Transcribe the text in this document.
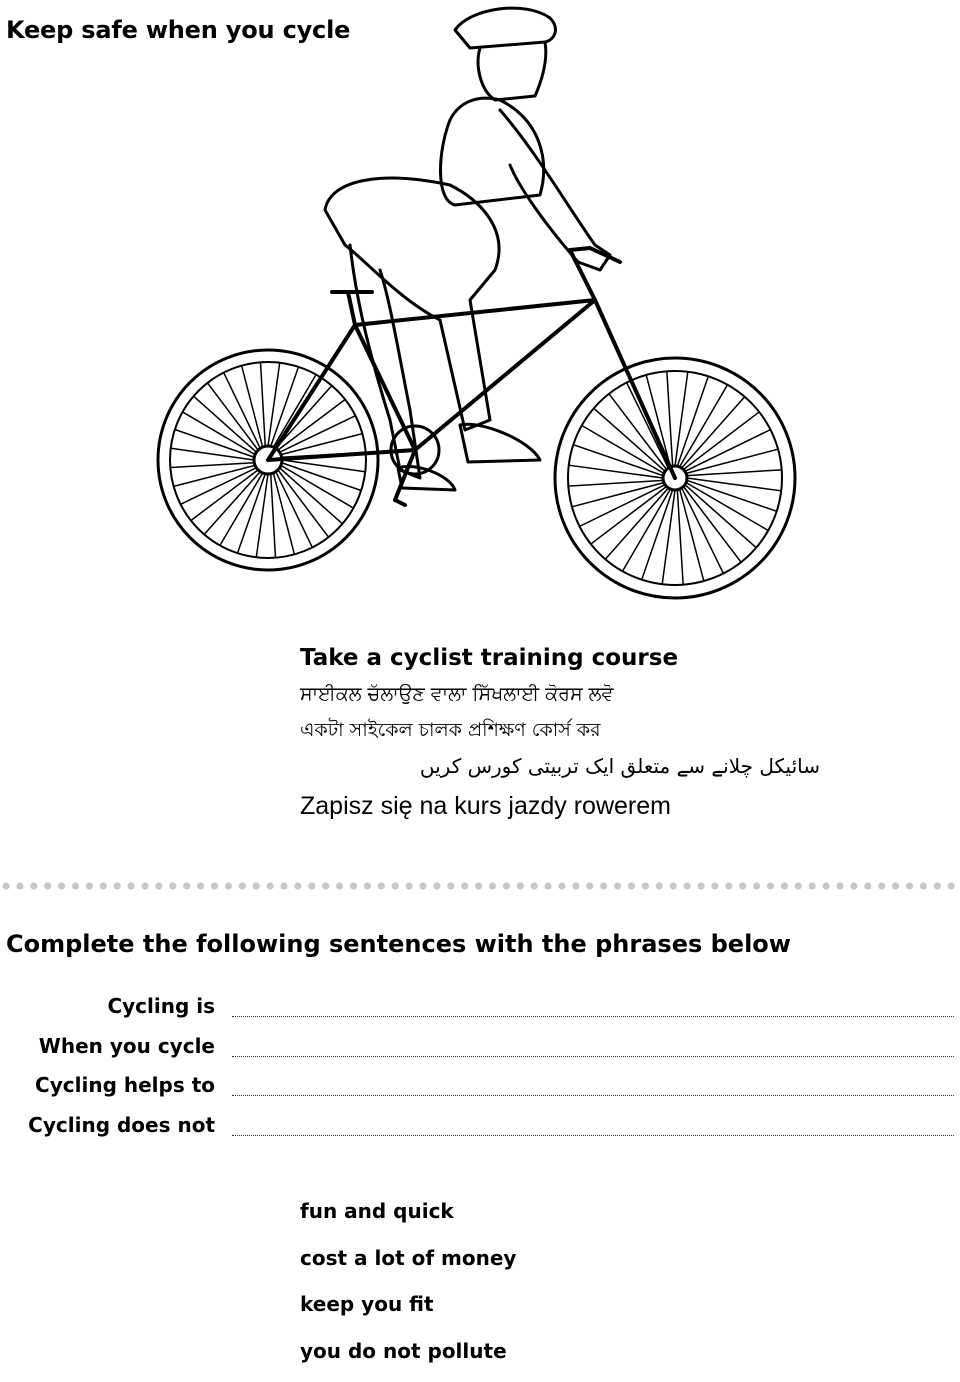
Keep safe when you cycle
Take a cyclist training course
ਸਾਈਕਲ ਚੱਲਾਉਣ ਵਾਲਾ ਸਿੱਖਲਾਈ ਕੋਰਸ ਲਵੋ
একটা সাইকেল চালক প্রশিক্ষণ কোর্স কর
سائیکل چلانے سے متعلق ایک تربیتی کورس کریں
Zapisz się na kurs jazdy rowerem
Complete the following sentences with the phrases below
Cycling is
When you cycle
Cycling helps to
Cycling does not
fun and quick
cost a lot of money
keep you fit
you do not pollute
